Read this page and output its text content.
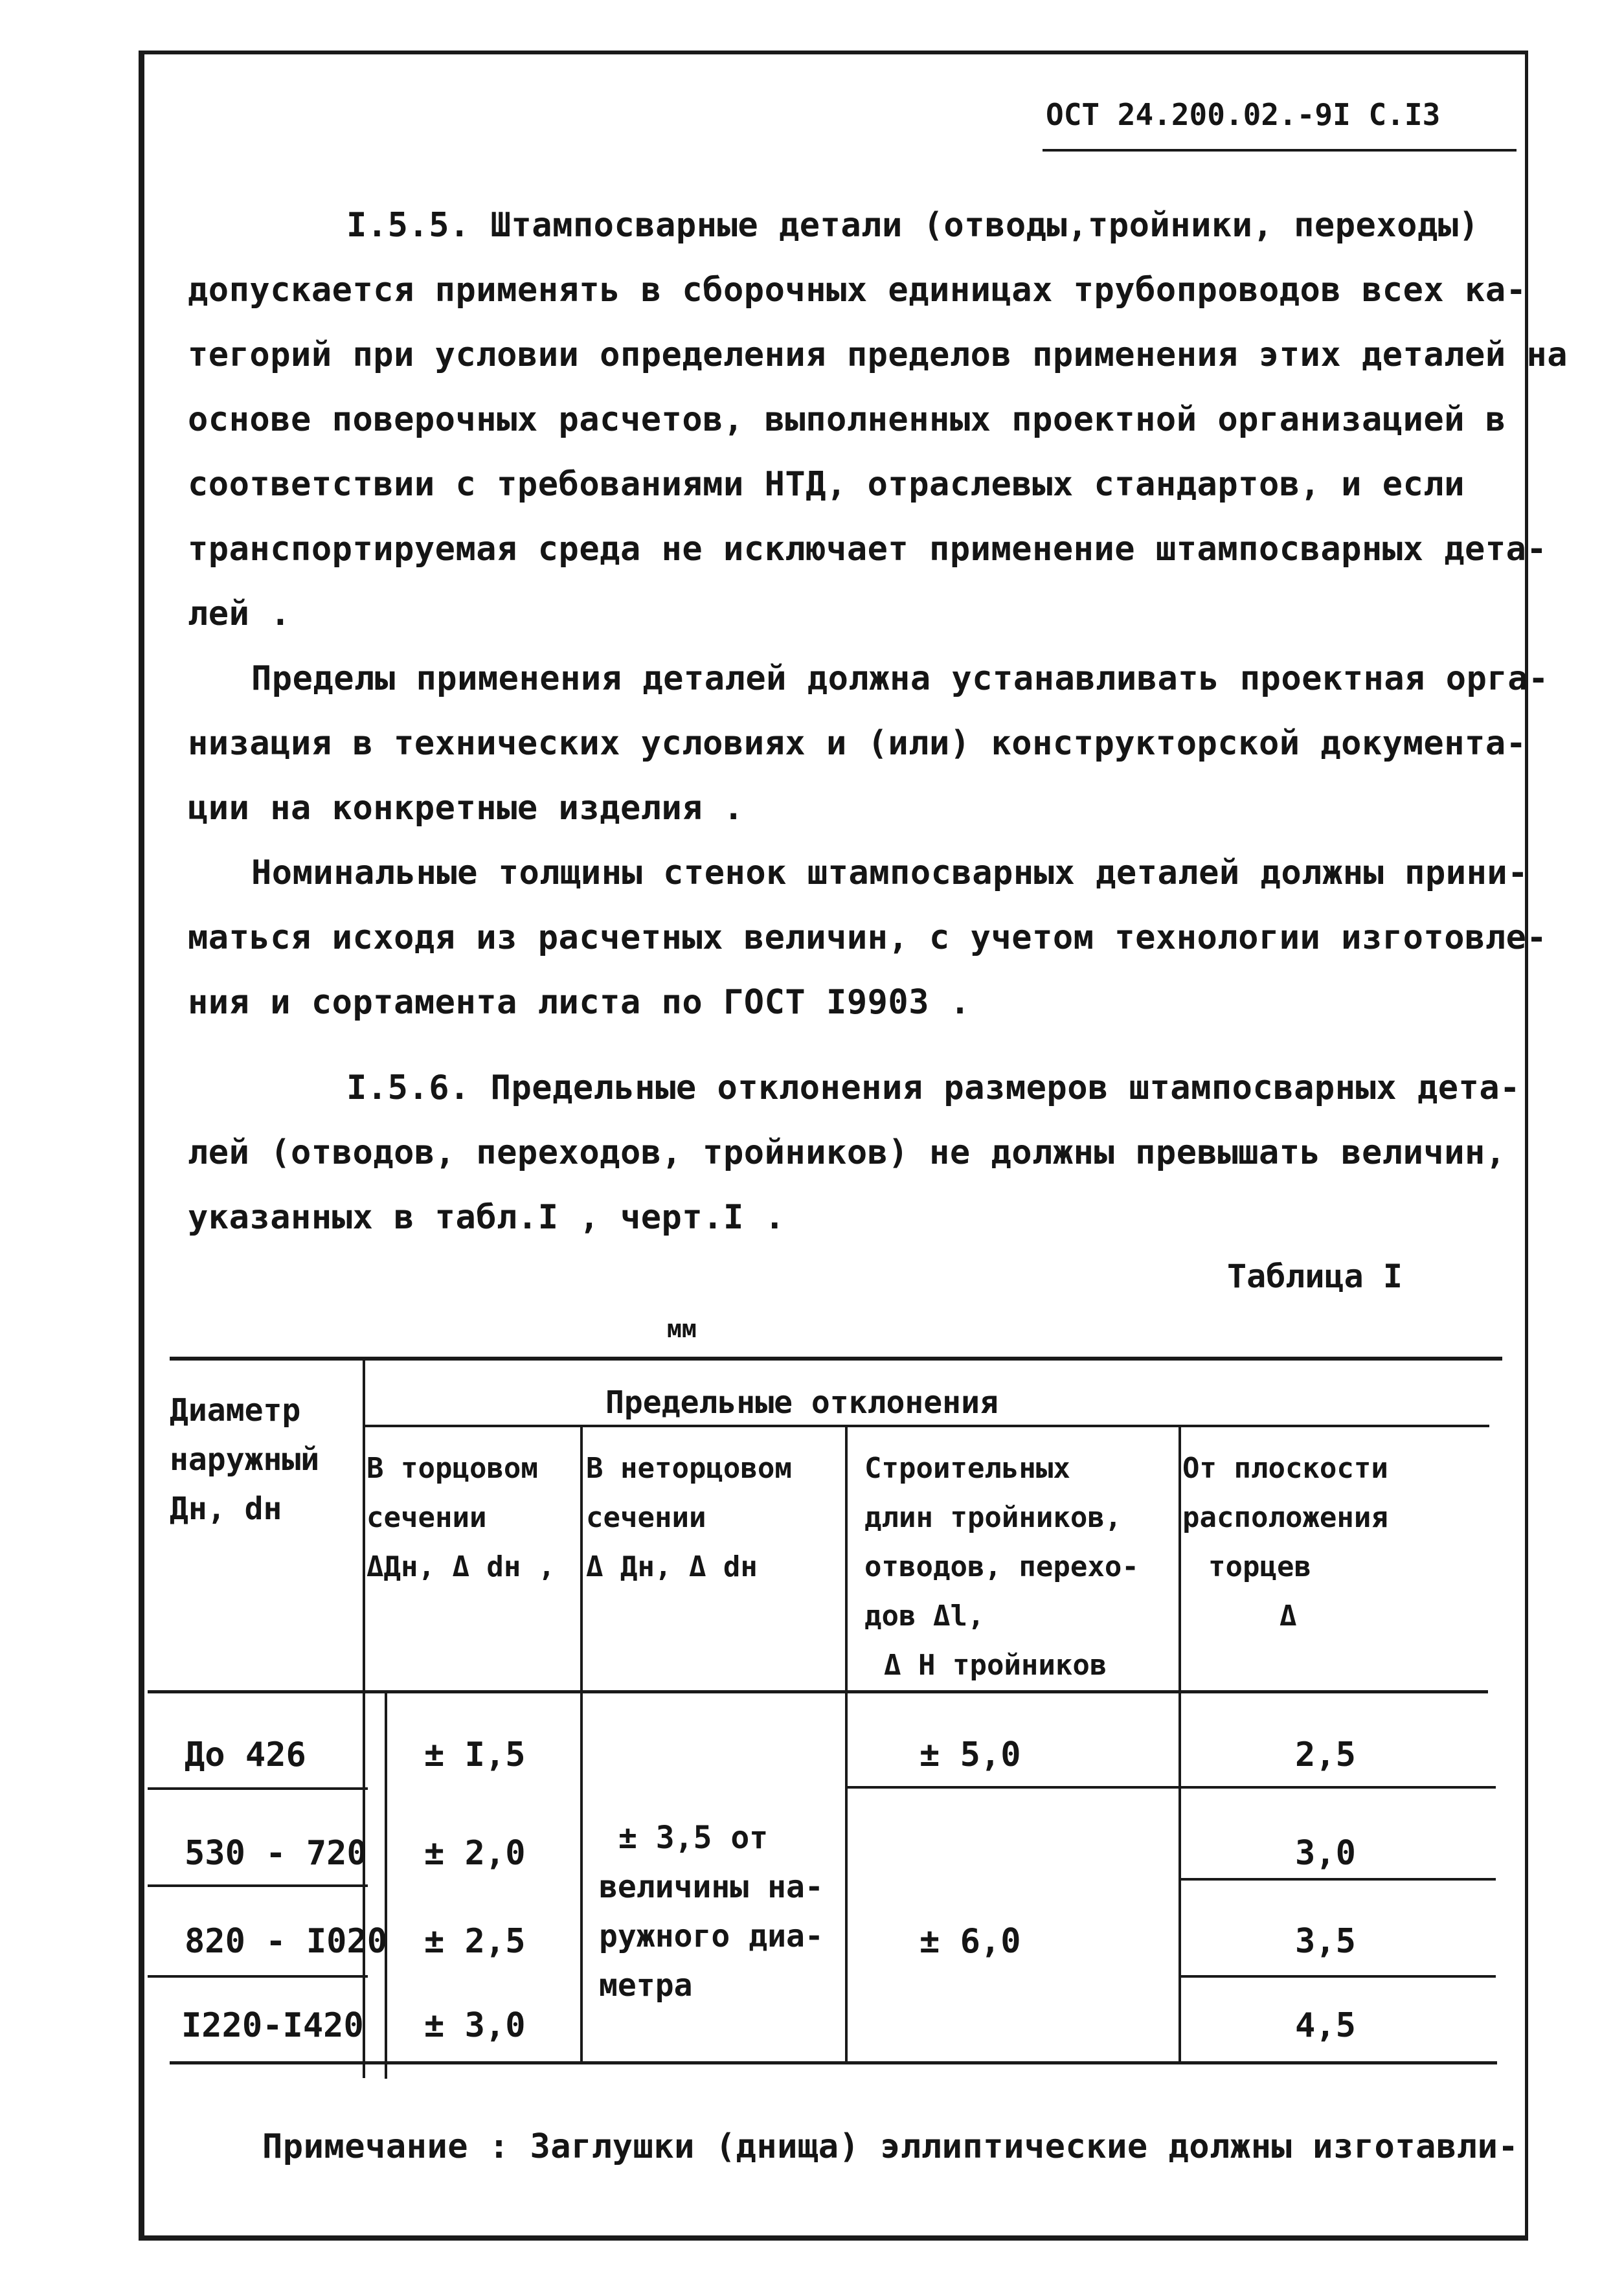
ОСТ 24.200.02.-9I С.I3
I.5.5. Штампосварные детали (отводы,тройники, переходы)
допускается применять в сборочных единицах трубопроводов всех ка-
тегорий при условии определения пределов применения этих деталей на
основе поверочных расчетов, выполненных проектной организацией в
соответствии с требованиями НТД, отраслевых стандартов, и если
транспортируемая среда не исключает применение штампосварных дета-
лей .
Пределы применения деталей должна устанавливать проектная орга-
низация в технических условиях и (или) конструкторской документа-
ции на конкретные изделия .
Номинальные толщины стенок штампосварных деталей должны прини-
маться исходя из расчетных величин, с учетом технологии изготовле-
ния и сортамента листа по ГОСТ I9903 .
I.5.6. Предельные отклонения размеров штампосварных дета-
лей (отводов, переходов, тройников) не должны превышать величин,
указанных в табл.I , черт.I .
Таблица I
мм
Диаметр
наружный
Дн, dн
Предельные отклонения
В торцовом
сечении
ΔДн, Δ dн ,
В неторцовом
сечении
Δ Дн, Δ dн
Строительных
длин тройников,
отводов, перехо-
дов Δl,
Δ Н тройников
От плоскости
расположения
торцев
Δ
До 426
530 - 720
820 - I020
I220-I420
± I,5
± 2,0
± 2,5
± 3,0
± 3,5 от
величины на-
ружного диа-
метра
± 5,0
± 6,0
2,5
3,0
3,5
4,5
Примечание : Заглушки (днища) эллиптические должны изготавли-
